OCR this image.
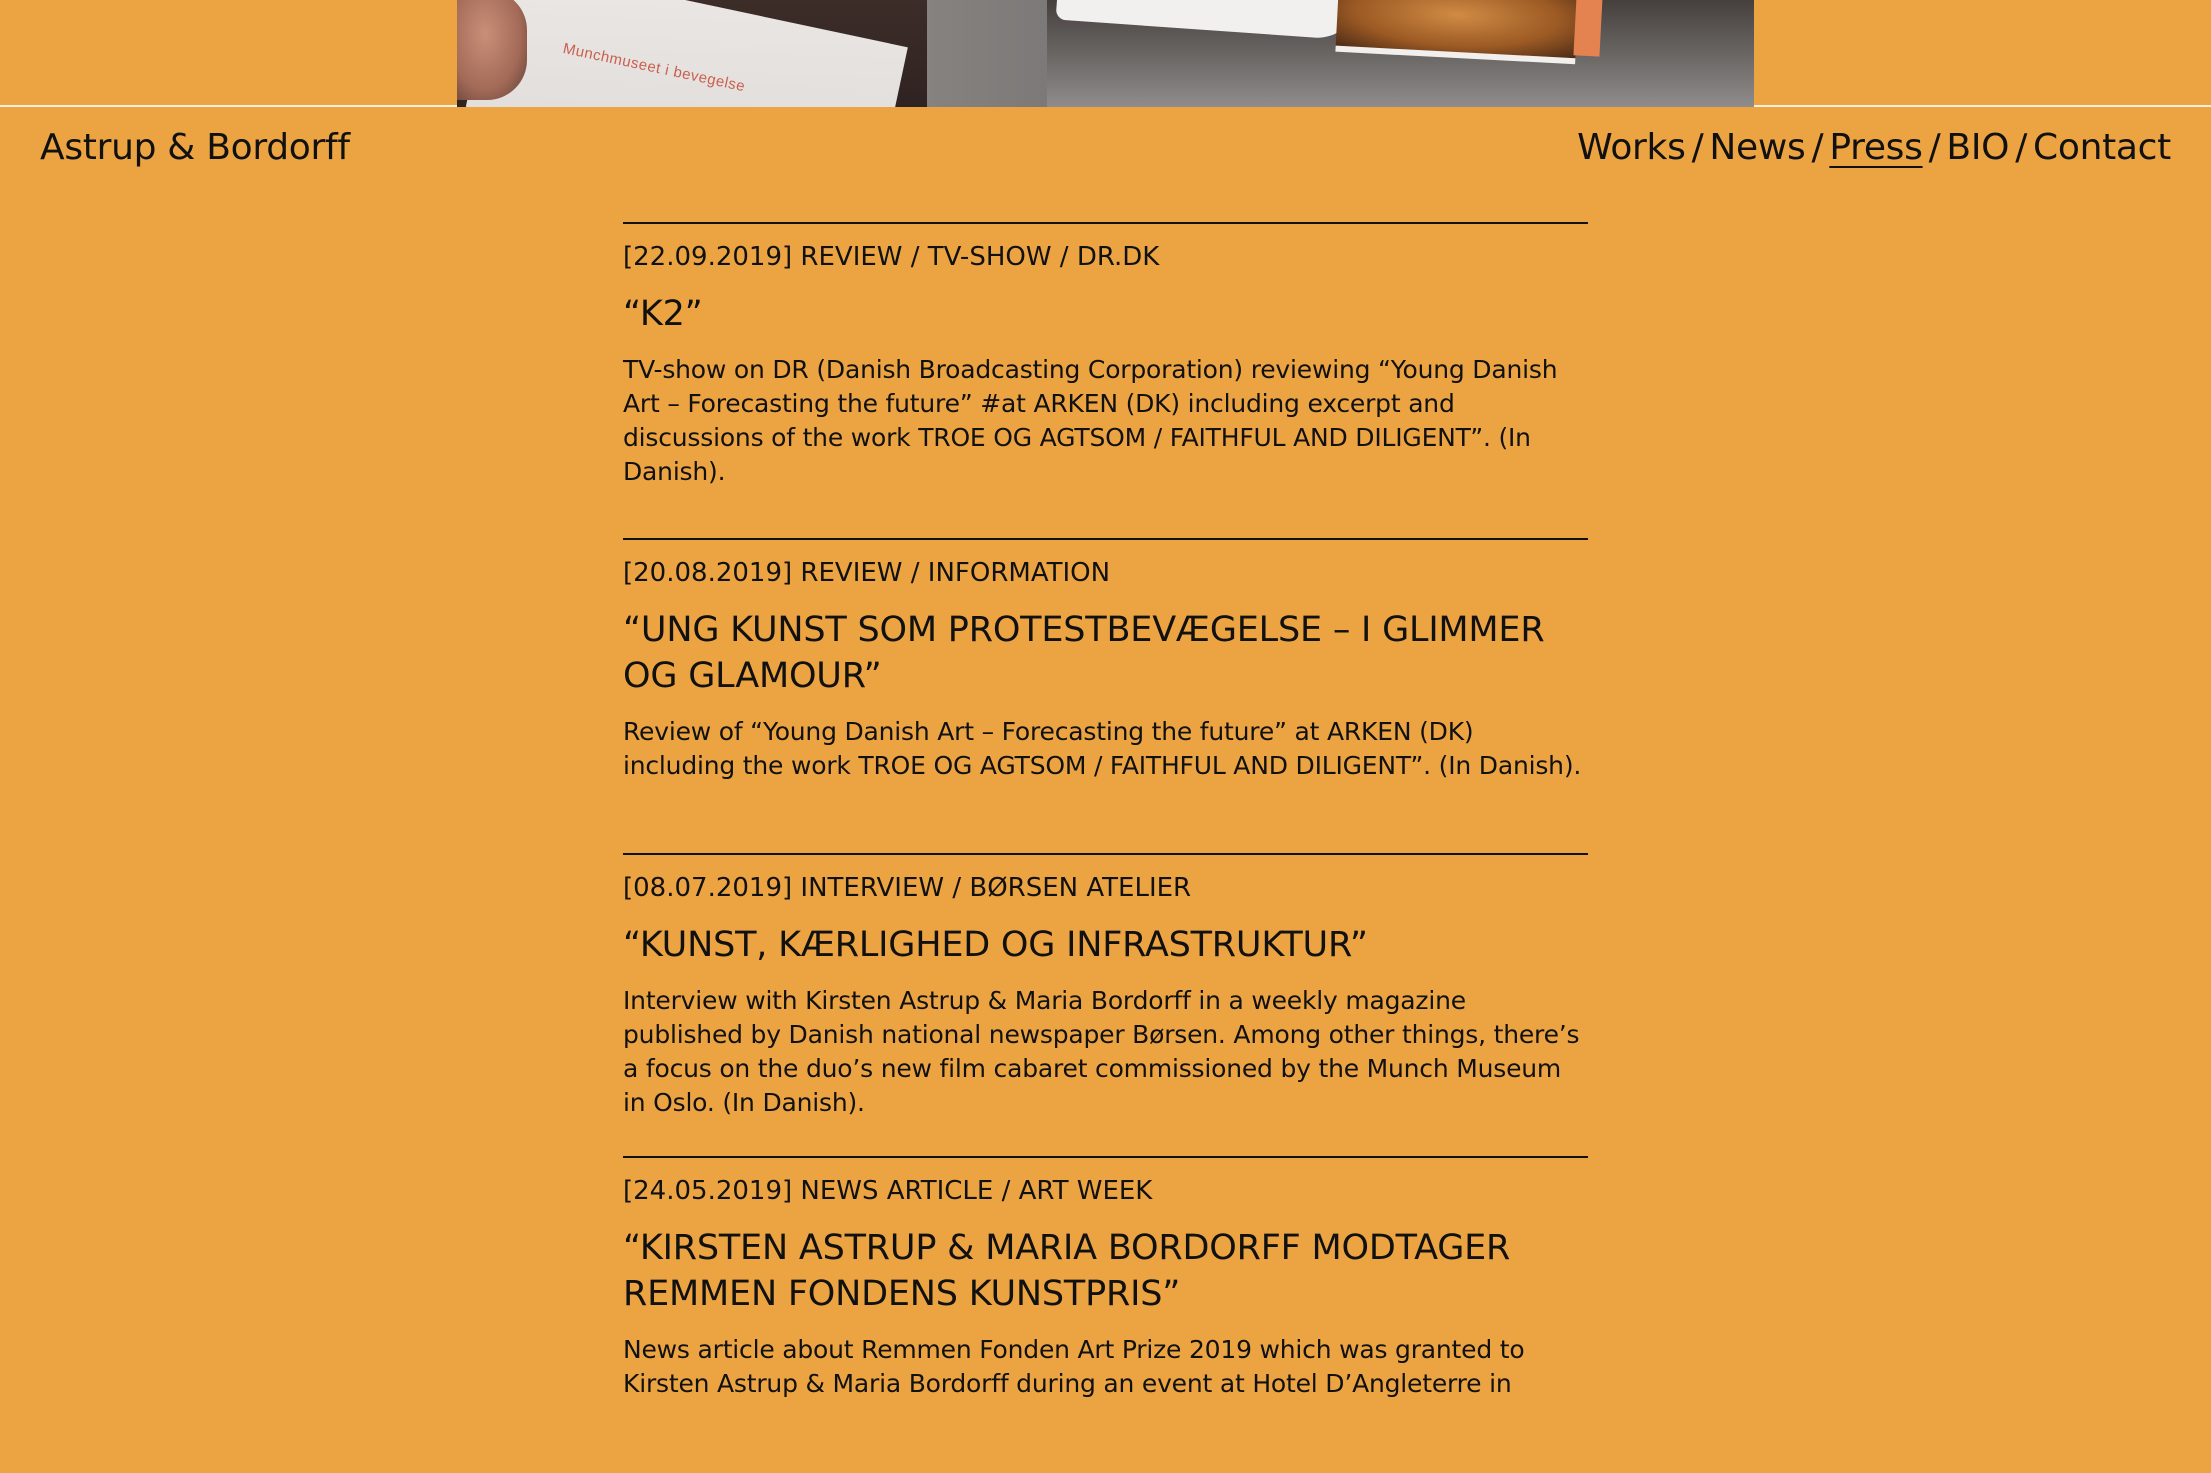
Munchmuseet i bevegelse
Astrup & Bordorff	Works / News / Press / BIO / Contact

[22.09.2019] REVIEW / TV-SHOW / DR.DK

“K2”

TV-show on DR (Danish Broadcasting Corporation) reviewing “Young Danish Art – Forecasting the future” #at ARKEN (DK) including excerpt and discussions of the work TROE OG AGTSOM / FAITHFUL AND DILIGENT”. (In Danish).

[20.08.2019] REVIEW / INFORMATION

“UNG KUNST SOM PROTESTBEVÆGELSE – I GLIMMER OG GLAMOUR”

Review of “Young Danish Art – Forecasting the future” at ARKEN (DK) including the work TROE OG AGTSOM / FAITHFUL AND DILIGENT”. (In Danish).

[08.07.2019] INTERVIEW / BØRSEN ATELIER

“KUNST, KÆRLIGHED OG INFRASTRUKTUR”

Interview with Kirsten Astrup & Maria Bordorff in a weekly magazine published by Danish national newspaper Børsen. Among other things, there’s a focus on the duo’s new film cabaret commissioned by the Munch Museum in Oslo. (In Danish).

[24.05.2019] NEWS ARTICLE / ART WEEK

“KIRSTEN ASTRUP & MARIA BORDORFF MODTAGER REMMEN FONDENS KUNSTPRIS”

News article about Remmen Fonden Art Prize 2019 which was granted to Kirsten Astrup & Maria Bordorff during an event at Hotel D’Angleterre in
